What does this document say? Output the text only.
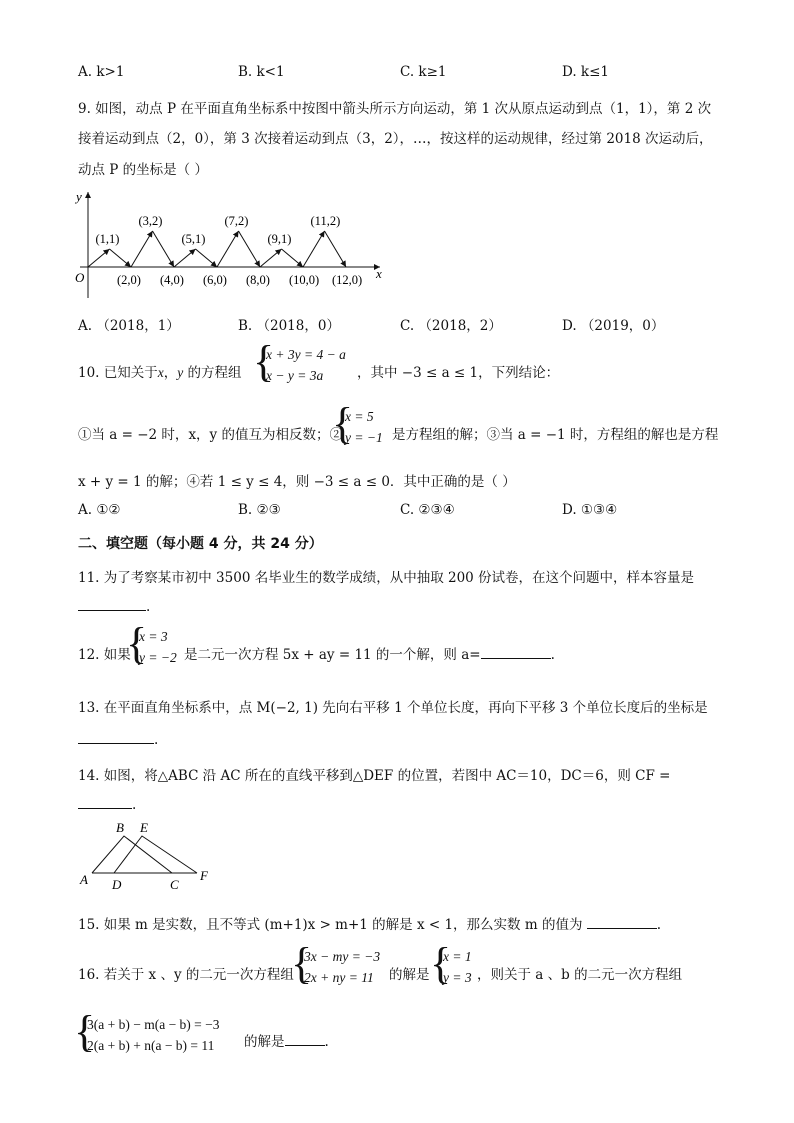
A. k>1	B. k<1	C. k≥1	D. k≤1
9. 如图，动点 P 在平面直角坐标系中按图中箭头所示方向运动，第 1 次从原点运动到点（1，1），第 2 次
接着运动到点（2，0），第 3 次接着运动到点（3，2），…，按这样的运动规律，经过第 2018 次运动后，
动点 P 的坐标是（ ）
y
x
O
(1,1)
(3,2)
(5,1)
(7,2)
(9,1)
(11,2)
(2,0) (4,0) (6,0) (8,0) (10,0) (12,0)
A. （2018，1）	B. （2018，0）	C. （2018，2）	D. （2019，0）
10. 已知关于x，y 的方程组 {
x + 3y = 4 − a
x − y = 3a	，其中 −3 ≤ a ≤ 1，下列结论：
①当 a = −2 时，x，y 的值互为相反数；②
{
x = 5
y = −1 是方程组的解；③当 a = −1 时，方程组的解也是方程
x + y = 1 的解；④若 1 ≤ y ≤ 4，则 −3 ≤ a ≤ 0．其中正确的是（ ）
A. ①②	B. ②③	C. ②③④	D. ①③④
二、填空题（每小题 4 分，共 24 分）
11. 为了考察某市初中 3500 名毕业生的数学成绩，从中抽取 200 份试卷，在这个问题中，样本容量是
.
12. 如果
{
x = 3
y = −2 是二元一次方程 5x + ay = 11 的一个解，则 a=	.
13. 在平面直角坐标系中，点 M(−2, 1) 先向右平移 1 个单位长度，再向下平移 3 个单位长度后的坐标是
.
14. 如图，将△ABC 沿 AC 所在的直线平移到△DEF 的位置，若图中 AC＝10，DC＝6，则 CF =
.
A
B
C
D
E
F
15. 如果 m 是实数，且不等式 (m+1)x > m+1 的解是 x < 1，那么实数 m 的值为	.
16. 若关于 x 、y 的二元一次方程组
{
3x − my = −3
2x + ny = 11	的解是 {
x = 1
y = 3 ，则关于 a 、b 的二元一次方程组
{
3(a + b) − m(a − b) = −3
2(a + b) + n(a − b) = 11	的解是	.
